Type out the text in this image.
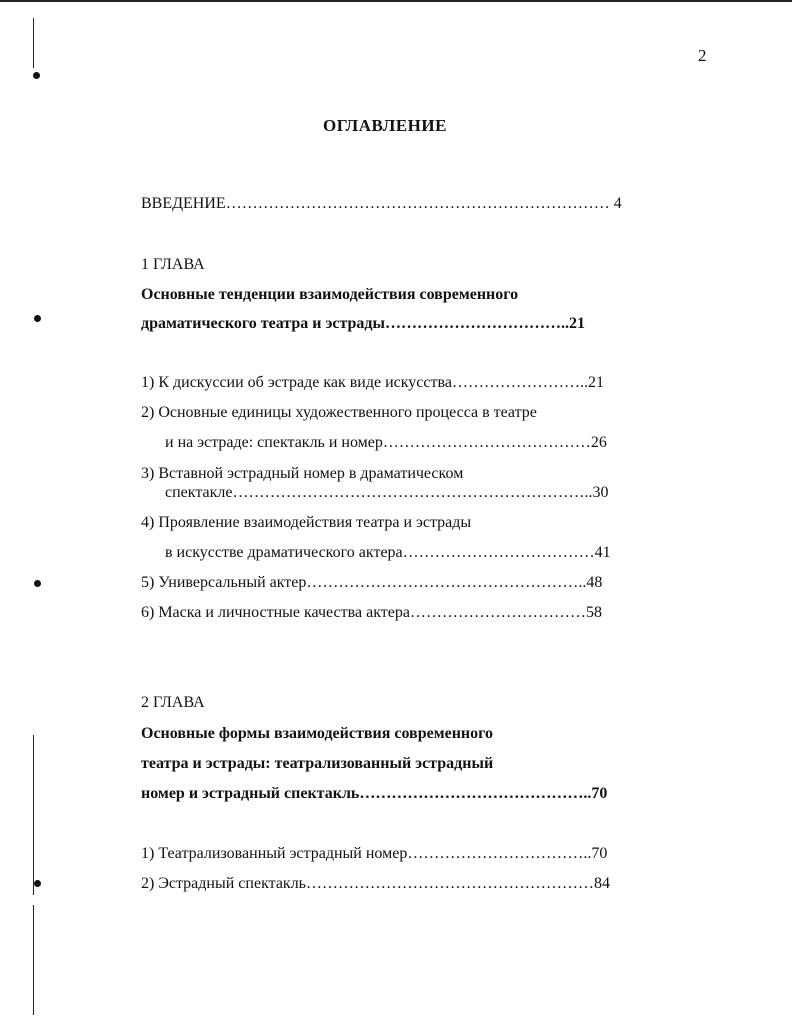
2
ОГЛАВЛЕНИЕ
ВВЕДЕНИЕ……………………………………………………………… 4
1 ГЛАВА
Основные тенденции взаимодействия современного
драматического театра и эстрады……………………………..21
1) К дискуссии об эстраде как виде искусства……………………..21
2) Основные единицы художественного процесса в театре
и на эстраде: спектакль и номер…………………………………26
3) Вставной эстрадный номер в драматическом
спектакле…………………………………………………………..30
4) Проявление взаимодействия театра и эстрады
в искусстве драматического актера………………………………41
5) Универсальный актер……………………………………………..48
6) Маска и личностные качества актера……………………………58
2 ГЛАВА
Основные формы взаимодействия современного
театра и эстрады: театрализованный эстрадный
номер и эстрадный спектакль……………………………………..70
1) Театрализованный эстрадный номер……………………………..70
2) Эстрадный спектакль………………………………………………84
